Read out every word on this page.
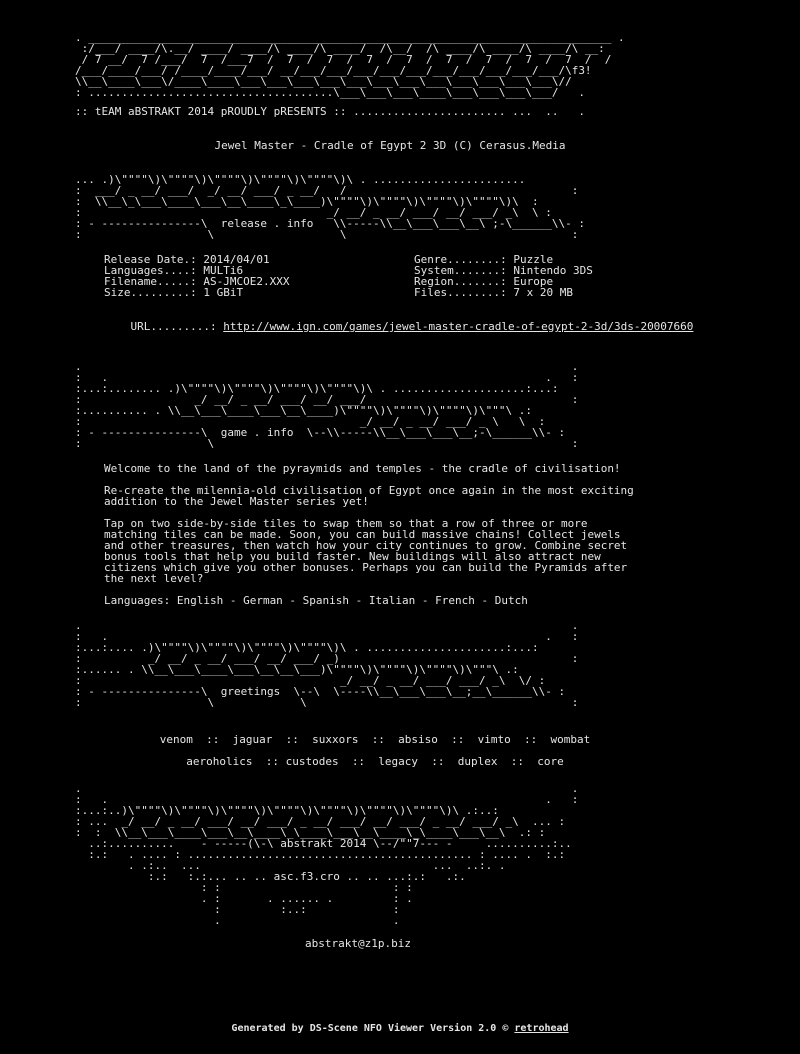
. _______________________________________________________________________________ .
:/___/ ____/\.__/ ____/ ____/\ ____/\ ____/  /\__/  /\ ____/\ ____/\ ____/\ __:
/ 7 __/  7 /___/  7  /___7  /  7  /  7  /  7  /  7  /  7  /  7  /  7  /  7  /  /
/___/____/___/ /____/____/___/ __/___/___/___/___/___/___/___/___/___/___/\f3!
\\__\____\___\/____\____\___\___\___\___\___\___\___\___\___\___\___\___\//
: .....................................\___\___\___\____\___\___\___\___/   .
:: tEAM aBSTRAKT 2014 pROUDLY pRESENTS :: ....................... ...  ..   .
Jewel Master - Cradle of Egypt 2 3D (C) Cerasus.Media
... .)\""""\)\""""\)\""""\)\""""\)\""""\)\ . .......................
:  ___/ _ __/ ___/  _/ __/ ___/ _ __/   /                                  :
:  \\__\_\___\____\___\__\____\_\____)\""""\)\""""\)\""""\)\""""\)\  :
:                                     _/ __/ _ __/ ___/ __/ ___/ _\  \ :
: - ---------------\  release . info   \\-----\\__\___\___\__\ ;-\______\\- :
:                   \                   \                                  :
Release Date.: 2014/04/01
Languages....: MULTi6
Filename.....: AS-JMCOE2.XXX
Size.........: 1 GBiT
Genre........: Puzzle
System.......: Nintendo 3DS
Region.......: Europe
Files........: 7 x 20 MB

URL.........: http://www.ign.com/games/jewel-master-cradle-of-egypt-2-3d/3ds-20007660

.                                                                          .
:   .                                                                  .   :
:...:........ .)\""""\)\""""\)\""""\)\""""\)\ . ....................:...:
:                 _/ __/ _ __/ ___/ __/ ___/                               :
:.......... . \\__\___\____\___\__\____)\""""\)\""""\)\""""\)\"""\ .:
:                                          _/ __/ _ __/ ___/ _ \   \  :
: - ---------------\  game . info  \--\\-----\\__\___\___\__;-\______\\- :
:                   \                                                      :

Welcome to the land of the pyraymids and temples - the cradle of civilisation!

Re-create the milennia-old civilisation of Egypt once again in the most exciting addition to the Jewel Master series yet!

Tap on two side-by-side tiles to swap them so that a row of three or more matching tiles can be made. Soon, you can build massive chains! Collect jewels and other treasures, then watch how your city continues to grow. Combine secret bonus tools that help you build faster. New buildings will also attract new citizens which give you other bonuses. Perhaps you can build the Pyramids after the next level?

Languages: English - German - Spanish - Italian - French - Dutch

.                                                                          .
:   .                                                                  .   :
:...:.... .)\""""\)\""""\)\""""\)\""""\)\ . .....................:...:
:          _/ __/ _ __/ ___/ __/ ___/ _)                                   :
:...... . \\__\___\____\___\__\__\___)\""""\)\""""\)\""""\)\"""\ .:
:                                       _/ __/ _ __/ ___/ ___/ _\  \/ :
: - ---------------\  greetings  \--\  \----\\__\___\___\__;__\______\\- :
:                   \             \                                        :
venom  ::  jaguar  ::  suxxors  ::  absiso  ::  vimto  ::  wombat
aeroholics  :: custodes  ::  legacy  ::  duplex  ::  core
.                                                                          .
:   .                                                                  .   :
:...:..)\""""\)\""""\)\""""\)\""""\)\""""\)\""""\)\""""\)\ .:..:
: ...  _/ __/ _ __/ ___/ __/ ___/ _ __/ ___/ __/ ___/ _ __/ ___/ _\  ... :
:  :  \\__\___\____\___\__\____\_\____\___\__\____\_\____\___\__\  .: :
..:..........    - -----(\-\ abstrakt 2014 \--/""7--- -     ..........:..
:.:   . .... : ........................................... : .... .  :.:
. .:..  ...                                   ...  ..:. .
:.:   :.:... .. .. asc.f3.cro .. .. ...:.:   .:.
: :                          : :
. :       . ...... .         : .
:         :..:             :
.                          .
abstrakt@z1p.biz
Generated by DS-Scene NFO Viewer Version 2.0 © retrohead
